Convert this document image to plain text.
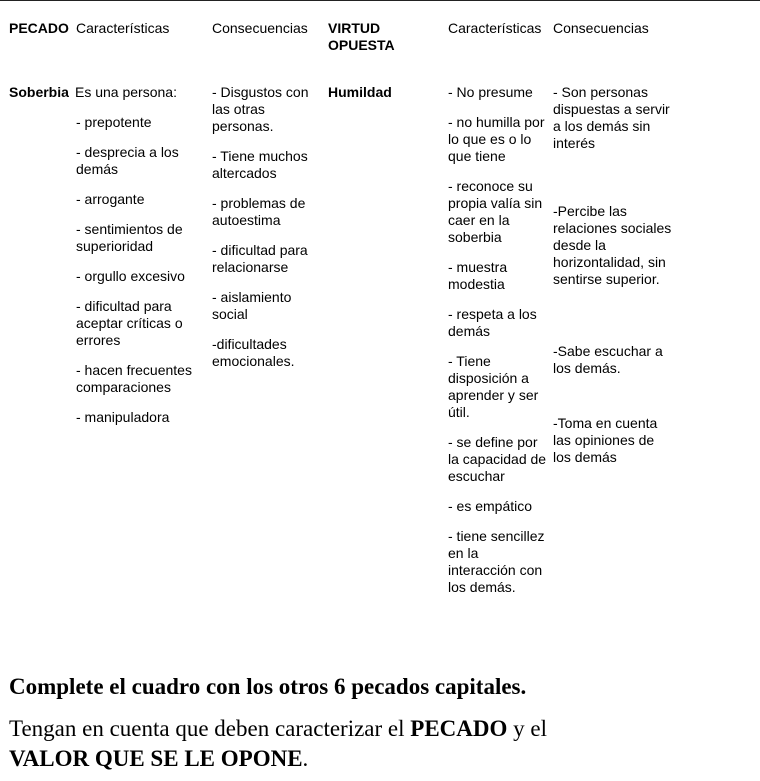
PECADO Características	Consecuencias VIRTUD OPUESTA
Características Consecuencias
Soberbia Es una persona:
- prepotente
- desprecia a los demás
- arrogante
- sentimientos de superioridad
- orgullo excesivo
- dificultad para aceptar críticas o errores
- hacen frecuentes comparaciones
- manipuladora
- Disgustos con las otras personas.
- Tiene muchos altercados
- problemas de autoestima
- dificultad para relacionarse
- aislamiento social
-dificultades emocionales.
Humildad	- No presume
- no humilla por lo que es o lo que tiene
- reconoce su propia valía sin caer en la soberbia
- muestra modestia
- respeta a los demás
- Tiene disposición a aprender y ser útil.
- se define por la capacidad de escuchar
- es empático
- tiene sencillez en la interacción con los demás.
- Son personas dispuestas a servir a los demás sin interés
-Percibe las relaciones sociales desde la horizontalidad, sin sentirse superior.
-Sabe escuchar a los demás.
-Toma en cuenta las opiniones de los demás

Complete el cuadro con los otros 6 pecados capitales.

Tengan en cuenta que deben caracterizar el PECADO y el
VALOR QUE SE LE OPONE.
